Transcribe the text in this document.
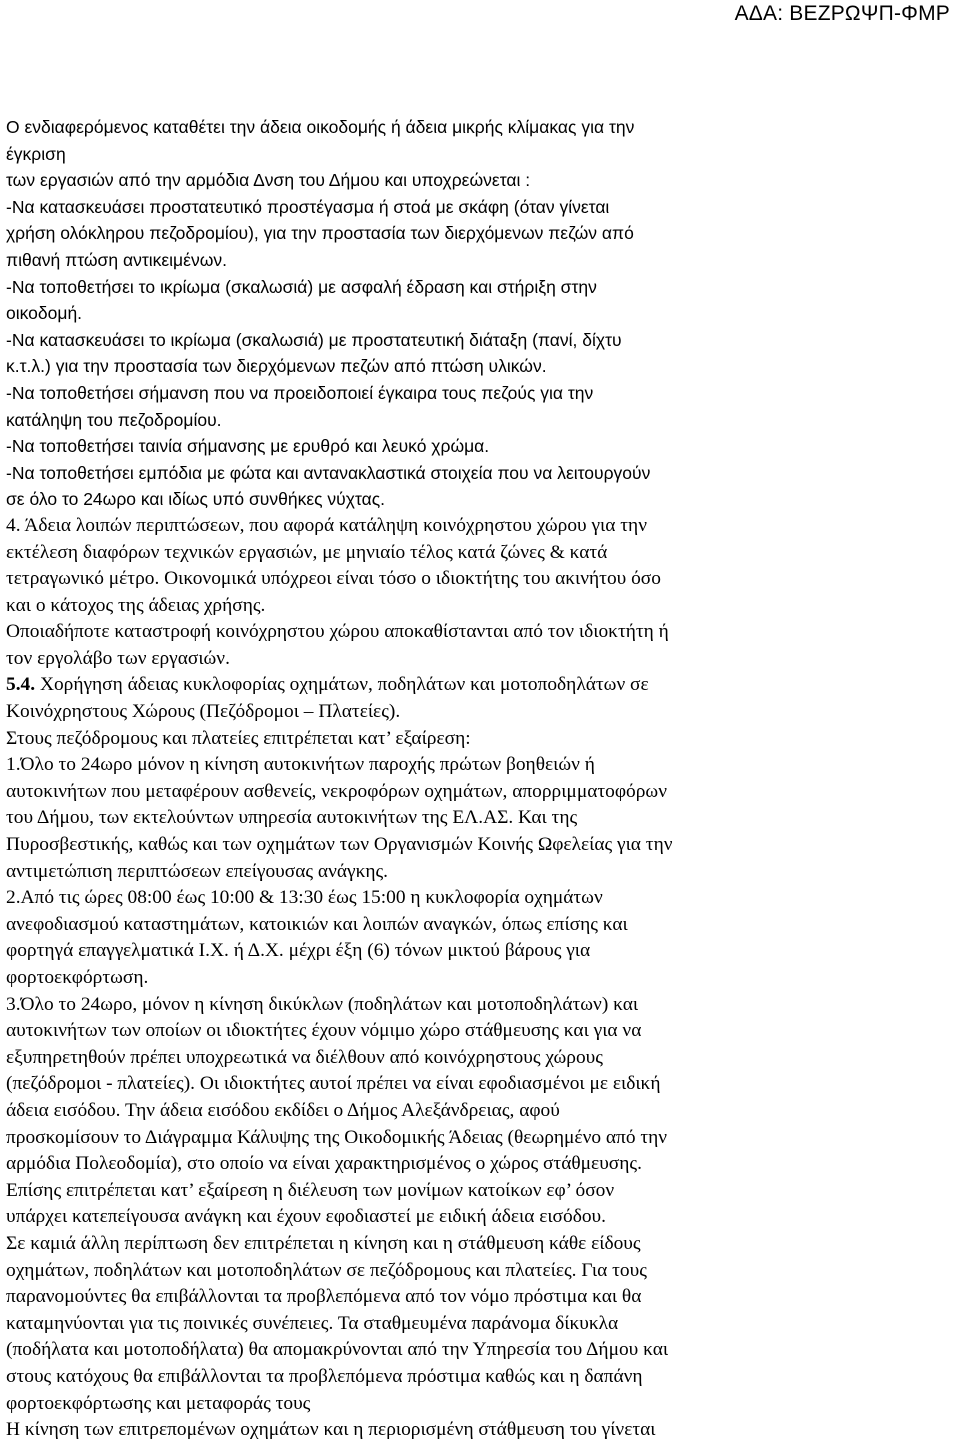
ΑΔΑ: ΒΕΖΡΩΨΠ-ΦΜΡ
Ο ενδιαφερόμενος καταθέτει την άδεια οικοδομής ή άδεια μικρής κλίμακας για την
έγκριση
των εργασιών από την αρμόδια Δνση του Δήμου και υποχρεώνεται :
-Να κατασκευάσει προστατευτικό προστέγασμα ή στοά με σκάφη (όταν γίνεται
χρήση ολόκληρου πεζοδρομίου), για την προστασία των διερχόμενων πεζών από
πιθανή πτώση αντικειμένων.
-Να τοποθετήσει το ικρίωμα (σκαλωσιά) με ασφαλή έδραση και στήριξη στην
οικοδομή.
-Να κατασκευάσει το ικρίωμα (σκαλωσιά) με προστατευτική διάταξη (πανί, δίχτυ
κ.τ.λ.) για την προστασία των διερχόμενων πεζών από πτώση υλικών.
-Να τοποθετήσει σήμανση που να προειδοποιεί έγκαιρα τους πεζούς για την
κατάληψη του πεζοδρομίου.
-Να τοποθετήσει ταινία σήμανσης με ερυθρό και λευκό χρώμα.
-Να τοποθετήσει εμπόδια με φώτα και αντανακλαστικά στοιχεία που να λειτουργούν
σε όλο το 24ωρο και ιδίως υπό συνθήκες νύχτας.
4. Άδεια λοιπών περιπτώσεων, που αφορά κατάληψη κοινόχρηστου χώρου για την
εκτέλεση διαφόρων τεχνικών εργασιών, με μηνιαίο τέλος κατά ζώνες & κατά
τετραγωνικό μέτρο. Οικονομικά υπόχρεοι είναι τόσο ο ιδιοκτήτης του ακινήτου όσο
και ο κάτοχος της άδειας χρήσης.
Οποιαδήποτε καταστροφή κοινόχρηστου χώρου αποκαθίστανται από τον ιδιοκτήτη ή
τον εργολάβο των εργασιών.
5.4. Χορήγηση άδειας κυκλοφορίας οχημάτων, ποδηλάτων και μοτοποδηλάτων σε
Κοινόχρηστους Χώρους (Πεζόδρομοι – Πλατείες).
Στους πεζόδρομους και πλατείες επιτρέπεται κατ’ εξαίρεση:
1.Όλο το 24ωρο μόνον η κίνηση αυτοκινήτων παροχής πρώτων βοηθειών ή
αυτοκινήτων που μεταφέρουν ασθενείς, νεκροφόρων οχημάτων, απορριμματοφόρων
του Δήμου, των εκτελούντων υπηρεσία αυτοκινήτων της ΕΛ.ΑΣ. Και της
Πυροσβεστικής, καθώς και των οχημάτων των Οργανισμών Κοινής Ωφελείας για την
αντιμετώπιση περιπτώσεων επείγουσας ανάγκης.
2.Από τις ώρες 08:00 έως 10:00 & 13:30 έως 15:00 η κυκλοφορία οχημάτων
ανεφοδιασμού καταστημάτων, κατοικιών και λοιπών αναγκών, όπως επίσης και
φορτηγά επαγγελματικά Ι.Χ. ή Δ.Χ. μέχρι έξη (6) τόνων μικτού βάρους για
φορτοεκφόρτωση.
3.Όλο το 24ωρο, μόνον η κίνηση δικύκλων (ποδηλάτων και μοτοποδηλάτων) και
αυτοκινήτων των οποίων οι ιδιοκτήτες έχουν νόμιμο χώρο στάθμευσης και για να
εξυπηρετηθούν πρέπει υποχρεωτικά να διέλθουν από κοινόχρηστους χώρους
(πεζόδρομοι - πλατείες). Οι ιδιοκτήτες αυτοί πρέπει να είναι εφοδιασμένοι με ειδική
άδεια εισόδου. Την άδεια εισόδου εκδίδει ο Δήμος Αλεξάνδρειας, αφού
προσκομίσουν το Διάγραμμα Κάλυψης της Οικοδομικής Άδειας (θεωρημένο από την
αρμόδια Πολεοδομία), στο οποίο να είναι χαρακτηρισμένος ο χώρος στάθμευσης.
Επίσης επιτρέπεται κατ’ εξαίρεση η διέλευση των μονίμων κατοίκων εφ’ όσον
υπάρχει κατεπείγουσα ανάγκη και έχουν εφοδιαστεί με ειδική άδεια εισόδου.
Σε καμιά άλλη περίπτωση δεν επιτρέπεται η κίνηση και η στάθμευση κάθε είδους
οχημάτων, ποδηλάτων και μοτοποδηλάτων σε πεζόδρομους και πλατείες. Για τους
παρανομούντες θα επιβάλλονται τα προβλεπόμενα από τον νόμο πρόστιμα και θα
καταμηνύονται για τις ποινικές συνέπειες. Τα σταθμευμένα παράνομα δίκυκλα
(ποδήλατα και μοτοποδήλατα) θα απομακρύνονται από την Υπηρεσία του Δήμου και
στους κατόχους θα επιβάλλονται τα προβλεπόμενα πρόστιμα καθώς και η δαπάνη
φορτοεκφόρτωσης και μεταφοράς τους
Η κίνηση των επιτρεπομένων οχημάτων και η περιορισμένη στάθμευση του γίνεται
